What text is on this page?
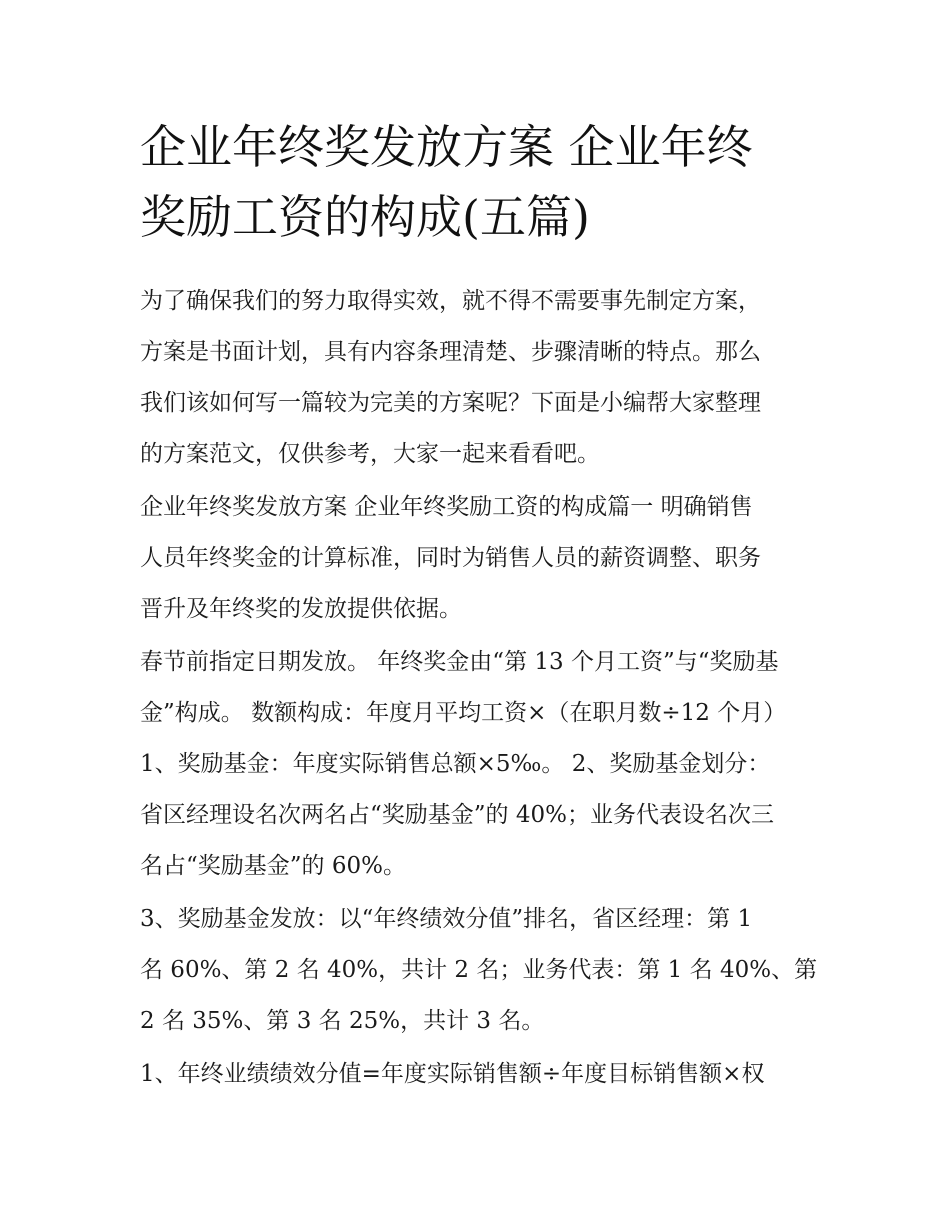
企业年终奖发放方案 企业年终
奖励工资的构成(五篇)

为了确保我们的努力取得实效，就不得不需要事先制定方案，
方案是书面计划，具有内容条理清楚、步骤清晰的特点。那么
我们该如何写一篇较为完美的方案呢？下面是小编帮大家整理
的方案范文，仅供参考，大家一起来看看吧。

企业年终奖发放方案 企业年终奖励工资的构成篇一 明确销售
人员年终奖金的计算标准，同时为销售人员的薪资调整、职务
晋升及年终奖的发放提供依据。

春节前指定日期发放。 年终奖金由“第 13 个月工资”与“奖励基
金”构成。 数额构成：年度月平均工资×（在职月数÷12 个月）
1、奖励基金：年度实际销售总额×5‰。 2、奖励基金划分：
省区经理设名次两名占“奖励基金”的 40%；业务代表设名次三
名占“奖励基金”的 60%。

3、奖励基金发放：以“年终绩效分值”排名，省区经理：第 1
名 60%、第 2 名 40%，共计 2 名；业务代表：第 1 名 40%、第
2 名 35%、第 3 名 25%，共计 3 名。

1、年终业绩绩效分值=年度实际销售额÷年度目标销售额×权
